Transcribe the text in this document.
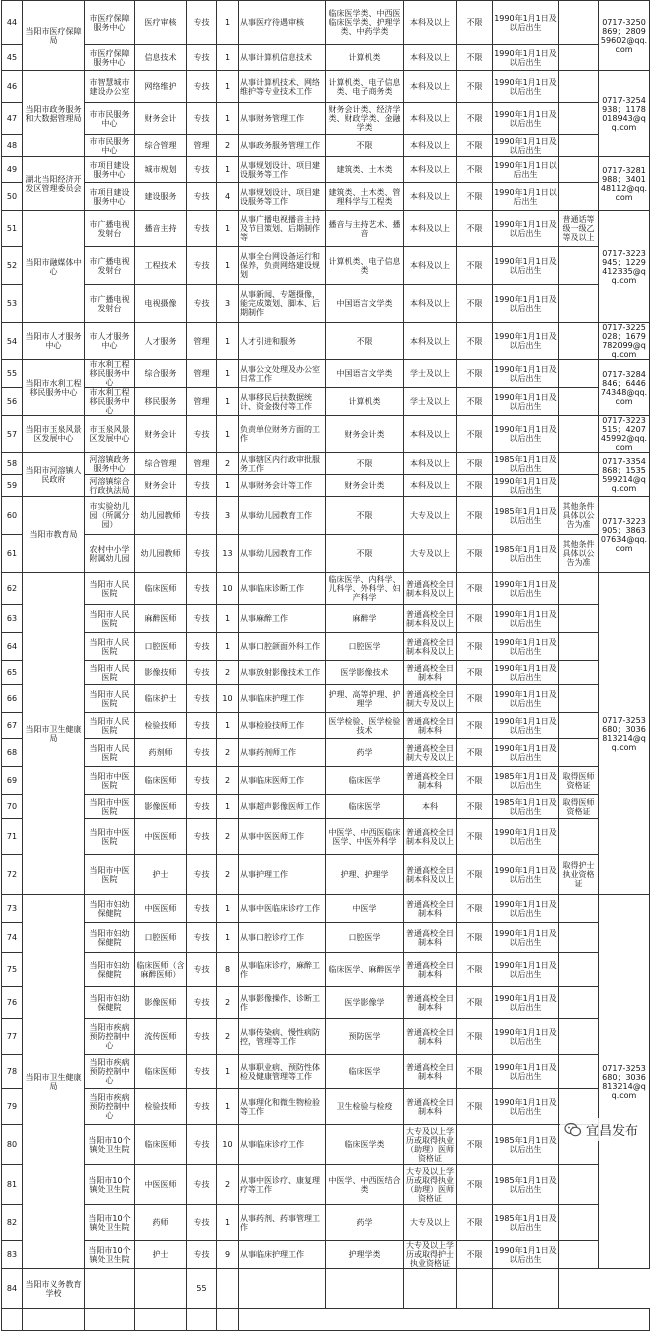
44	当阳市医疗保障局	市医疗保障服务中心	医疗审核	专技	1	从事医疗待遇审核	临床医学类、中西医临床医学类、护理学类、中药学类	本科及以上	不限	1990年1月1日及以后出生		0717-3250869；280959602@qq.com
45		市医疗保障服务中心	信息技术	专技	1	从事计算机信息技术	计算机类	本科及以上	不限	1990年1月1日及以后出生		
46	当阳市政务服务和大数据管理局	市智慧城市建设办公室	网络维护	专技	1	从事计算机技术、网络维护等专业技术工作	计算机类、电子信息类、电子商务类	本科及以上	不限	1990年1月1日及以后出生		0717-3254938；1178018943@qq.com
47		市市民服务中心	财务会计	专技	1	从事财务管理工作	财务会计类、经济学类、财政学类、金融学类	本科及以上	不限	1990年1月1日及以后出生		
48		市市民服务中心	综合管理	管理	2	从事政务服务管理工作	不限	本科及以上	不限	1990年1月1日及以后出生		
49	湖北当阳经济开发区管理委员会	市项目建设服务中心	城市规划	专技	1	从事规划设计、项目建设服务等工作	建筑类、土木类	本科及以上	不限	1990年1月1日以后出生		0717-3281988；340148112@qq.com
50		市项目建设服务中心	建设服务	专技	4	从事规划设计、项目建设服务等工作	建筑类、土木类、管理科学与工程类	本科及以上	不限	1990年1月1日以后出生		
51	当阳市融媒体中心	市广播电视发射台	播音主持	专技	1	从事广播电视播音主持及节目策划、后期制作等	播音与主持艺术、播音	本科及以上	不限	1990年1月1日及以后出生	普通话等级一级乙等及以上	0717-3223945；1229412335@qq.com
52		市广播电视发射台	工程技术	专技	1	从事全台网设备运行和保养，负责网络建设规划	计算机类、电子信息类	本科及以上	不限	1990年1月1日及以后出生		
53		市广播电视发射台	电视摄像	专技	3	从事新闻、专题摄像，能完成策划、脚本、后期制作	中国语言文学类	本科及以上	不限	1990年1月1日及以后出生		
54	当阳市人才服务中心	市人才服务中心	人才服务	管理	1	人才引进和服务	不限	本科及以上	不限	1990年1月1日及以后出生		0717-3225028；1679782099@qq.com
55	当阳市水利工程移民服务中心	市水利工程移民服务中心	综合服务	管理	1	从事公文处理及办公室日常工作	中国语言文学类	学士及以上	不限	1990年1月1日及以后出生		0717-3284846；644674348@qq.com
56		市水利工程移民服务中心	移民服务	管理	1	从事移民后扶数据统计、资金拨付等工作	计算机类	学士及以上	不限	1990年1月1日及以后出生		
57	当阳市玉泉风景区发展中心	市玉泉风景区发展中心	财务会计	专技	1	负责单位财务方面的工作	财务会计类	本科及以上	不限	1990年1月1日及以后出生		0717-3223515；420745992@qq.com
58	当阳市河溶镇人民政府	河溶镇政务服务中心	综合管理	管理	2	从事辖区内行政审批服务工作	不限	本科及以上	不限	1985年1月1日及以后出生		0717-3354868；1535599214@qq.com
59		河溶镇综合行政执法局	财务会计	专技	1	从事财务会计等工作	财务会计类	本科及以上	不限	1990年1月1日及以后出生		
60	当阳市教育局	市实验幼儿园（所属分园）	幼儿园教师	专技	3	从事幼儿园教育工作	不限	大专及以上	不限	1985年1月1日及以后出生	其他条件具体以公告为准	0717-3223905；386307634@qq.com
61		农村中小学附属幼儿园	幼儿园教师	专技	13	从事幼儿园教育工作	不限	大专及以上	不限	1985年1月1日及以后出生	其他条件具体以公告为准	
62	当阳市卫生健康局	当阳市人民医院	临床医师	专技	10	从事临床诊断工作	临床医学、内科学、儿科学、外科学、妇产科学	普通高校全日制本科及以上	不限	1990年1月1日及以后出生		0717-3253680；3036813214@qq.com
63		当阳市人民医院	麻醉医师	专技	1	从事麻醉工作	麻醉学	普通高校全日制本科及以上	不限	1990年1月1日及以后出生		
64		当阳市人民医院	口腔医师	专技	1	从事口腔颌面外科工作	口腔医学	普通高校全日制本科及以上	不限	1990年1月1日及以后出生		
65		当阳市人民医院	影像技师	专技	2	从事放射影像技术工作	医学影像技术	普通高校全日制本科	不限	1990年1月1日及以后出生		
66		当阳市人民医院	临床护士	专技	10	从事临床护理工作	护理、高等护理、护理学	普通高校全日制大专及以上	不限	1990年1月1日及以后出生		
67		当阳市人民医院	检验技师	专技	1	从事检验技师工作	医学检验、医学检验技术	普通高校全日制本科	不限	1990年1月1日及以后出生		
68		当阳市人民医院	药剂师	专技	2	从事药剂师工作	药学	普通高校全日制大专及以上	不限	1990年1月1日及以后出生		
69		当阳市中医医院	临床医师	专技	2	从事临床医师工作	临床医学	普通高校全日制本科	不限	1985年1月1日及以后出生	取得医师资格证	
70		当阳市中医医院	影像医师	专技	1	从事超声影像医师工作	临床医学	本科	不限	1985年1月1日及以后出生	取得医师资格证	
71		当阳市中医医院	中医医师	专技	2	从事中医医师工作	中医学、中西医临床医学、中医外科学	普通高校全日制本科及以上	不限	1990年1月1日及以后出生		
72		当阳市中医医院	护士	专技	2	从事护理工作	护理、护理学	普通高校全日制本科及以上	不限	1990年1月1日及以后出生	取得护士执业资格证	
73	当阳市卫生健康局	当阳市妇幼保健院	中医医师	专技	1	从事中医临床诊疗工作	中医学	普通高校全日制本科	不限	1990年1月1日及以后出生		0717-3253680；3036813214@qq.com
74		当阳市妇幼保健院	口腔医师	专技	1	从事口腔诊疗工作	口腔医学	普通高校全日制本科	不限	1990年1月1日及以后出生		
75		当阳市妇幼保健院	临床医师（含麻醉医师）	专技	8	从事临床诊疗，麻醉工作	临床医学、麻醉医学	普通高校全日制本科	不限	1990年1月1日及以后出生		
76		当阳市妇幼保健院	影像医师	专技	2	从事影像操作、诊断工作	医学影像学	普通高校全日制本科	不限	1990年1月1日及以后出生		
77		当阳市疾病预防控制中心	流传医师	专技	2	从事传染病、慢性病防控，管理等工作	预防医学	普通高校全日制本科	不限	1990年1月1日及以后出生		
78		当阳市疾病预防控制中心	临床医师	专技	1	从事职业病、预防性体检及健康管理等工作	临床医学	普通高校全日制本科	不限	1990年1月1日及以后出生		
79		当阳市疾病预防控制中心	检验技师	专技	1	从事理化和微生物检验等工作	卫生检验与检疫	普通高校全日制本科	不限	1990年1月1日及以后出生		
80		当阳市10个镇处卫生院	临床医师	专技	10	从事临床诊疗工作	临床医学类	大专及以上学历或取得执业（助理）医师资格证	不限	1985年1月1日及以后出生		
81		当阳市10个镇处卫生院	中医医师	专技	2	从事中医诊疗、康复理疗等工作	中医学、中西医结合类	大专及以上学历或取得执业（助理）医师资格证	不限	1985年1月1日及以后出生		
82		当阳市10个镇处卫生院	药师	专技	1	从事药剂、药事管理工作	药学	大专及以上	不限	1985年1月1日及以后出生		
83		当阳市10个镇处卫生院	护士	专技	9	从事临床护理工作	护理学类	大专及以上学历或取得护士执业资格证	不限	1990年1月1日及以后出生		
84	当阳市义务教育学校			55								

宜昌发布
